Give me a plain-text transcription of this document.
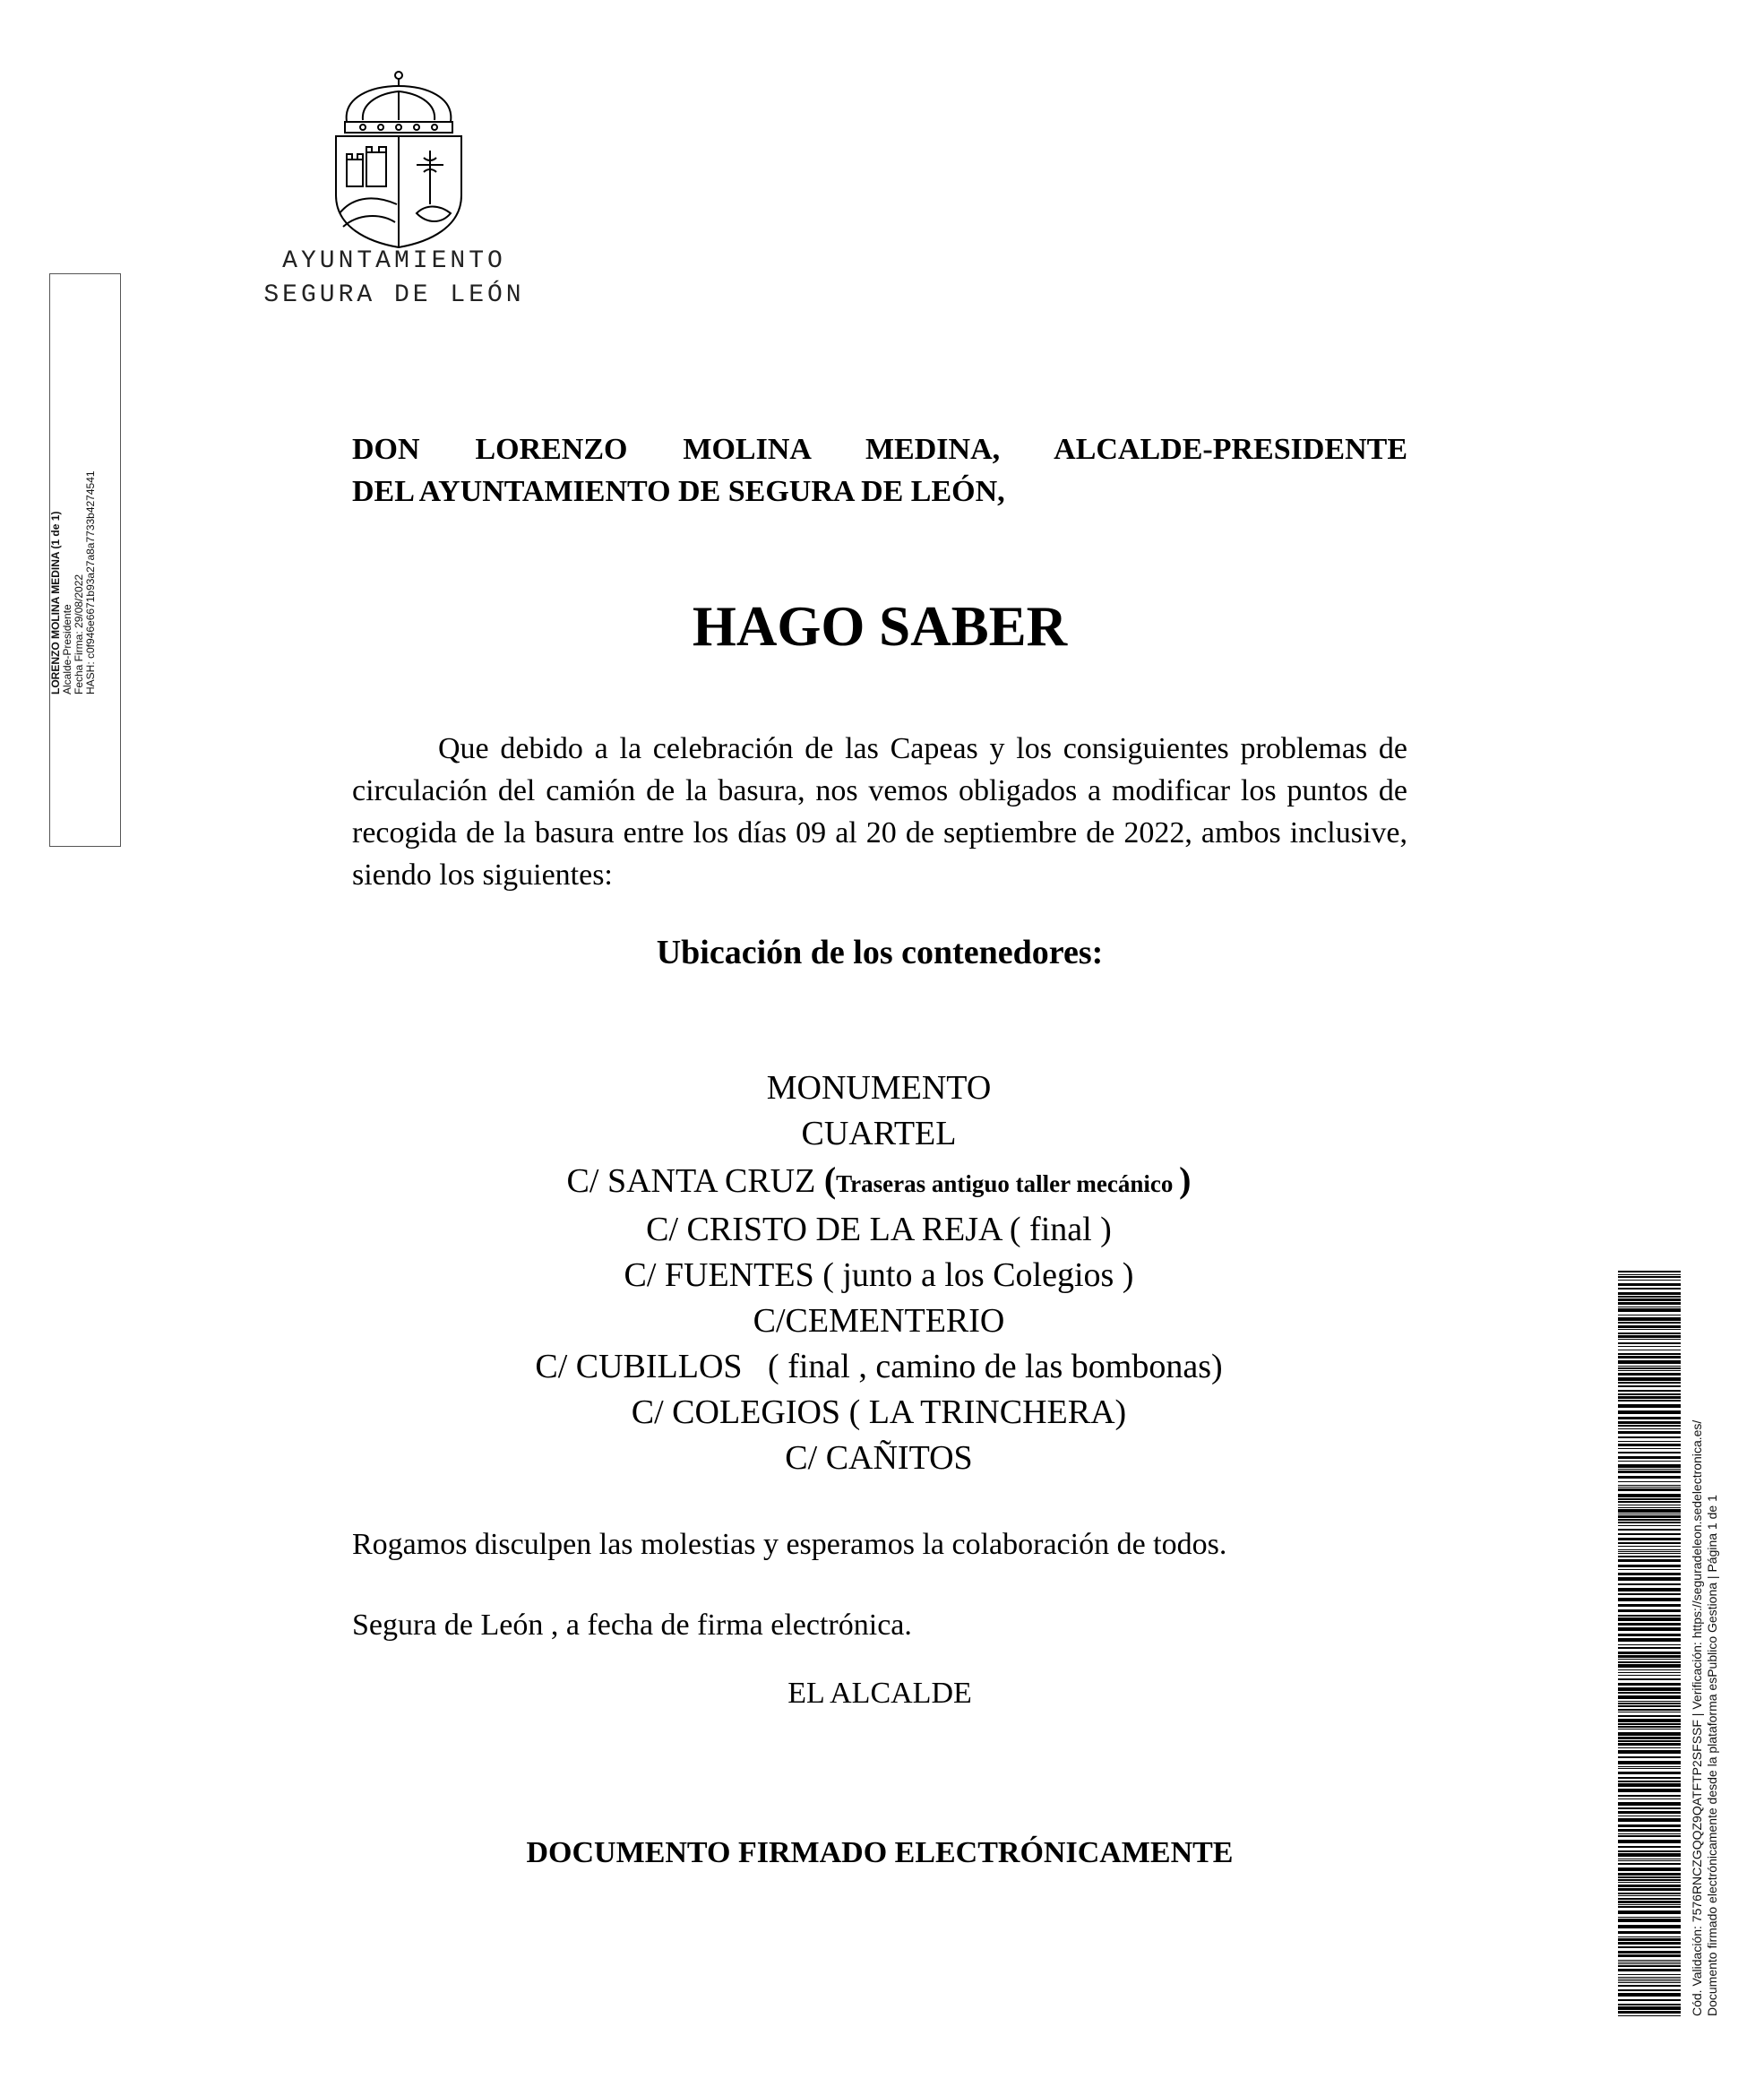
AYUNTAMIENTO
SEGURA DE LEÓN
LORENZO MOLINA MEDINA (1 de 1) Alcalde-Presidente Fecha Firma: 29/08/2022 HASH: c0f946e6671b93a27a8a7733b4274541
DON LORENZO MOLINA MEDINA, ALCALDE-PRESIDENTE
DEL AYUNTAMIENTO DE SEGURA DE LEÓN,
HAGO SABER
Que debido a la celebración de las Capeas y los consiguientes problemas de circulación del camión de la basura, nos vemos obligados a modificar los puntos de recogida de la basura entre los días 09 al 20 de septiembre de 2022, ambos inclusive, siendo los siguientes:
Ubicación de los contenedores:
MONUMENTO
CUARTEL
C/ SANTA CRUZ (Traseras antiguo taller mecánico )
C/ CRISTO DE LA REJA ( final )
C/ FUENTES ( junto a los Colegios )
C/CEMENTERIO
C/ CUBILLOS   ( final , camino de las bombonas)
C/ COLEGIOS ( LA TRINCHERA)
C/ CAÑITOS
Rogamos disculpen las molestias y esperamos la colaboración de todos.
Segura de León , a fecha de firma electrónica.
EL ALCALDE
DOCUMENTO FIRMADO ELECTRÓNICAMENTE	Cód. Validación: 7576RNCZGQQZ9QATFTP2SFSSF | Verificación: https://seguradeleon.sedelectronica.es/ Documento firmado electrónicamente desde la plataforma esPublico Gestiona | Página 1 de 1
